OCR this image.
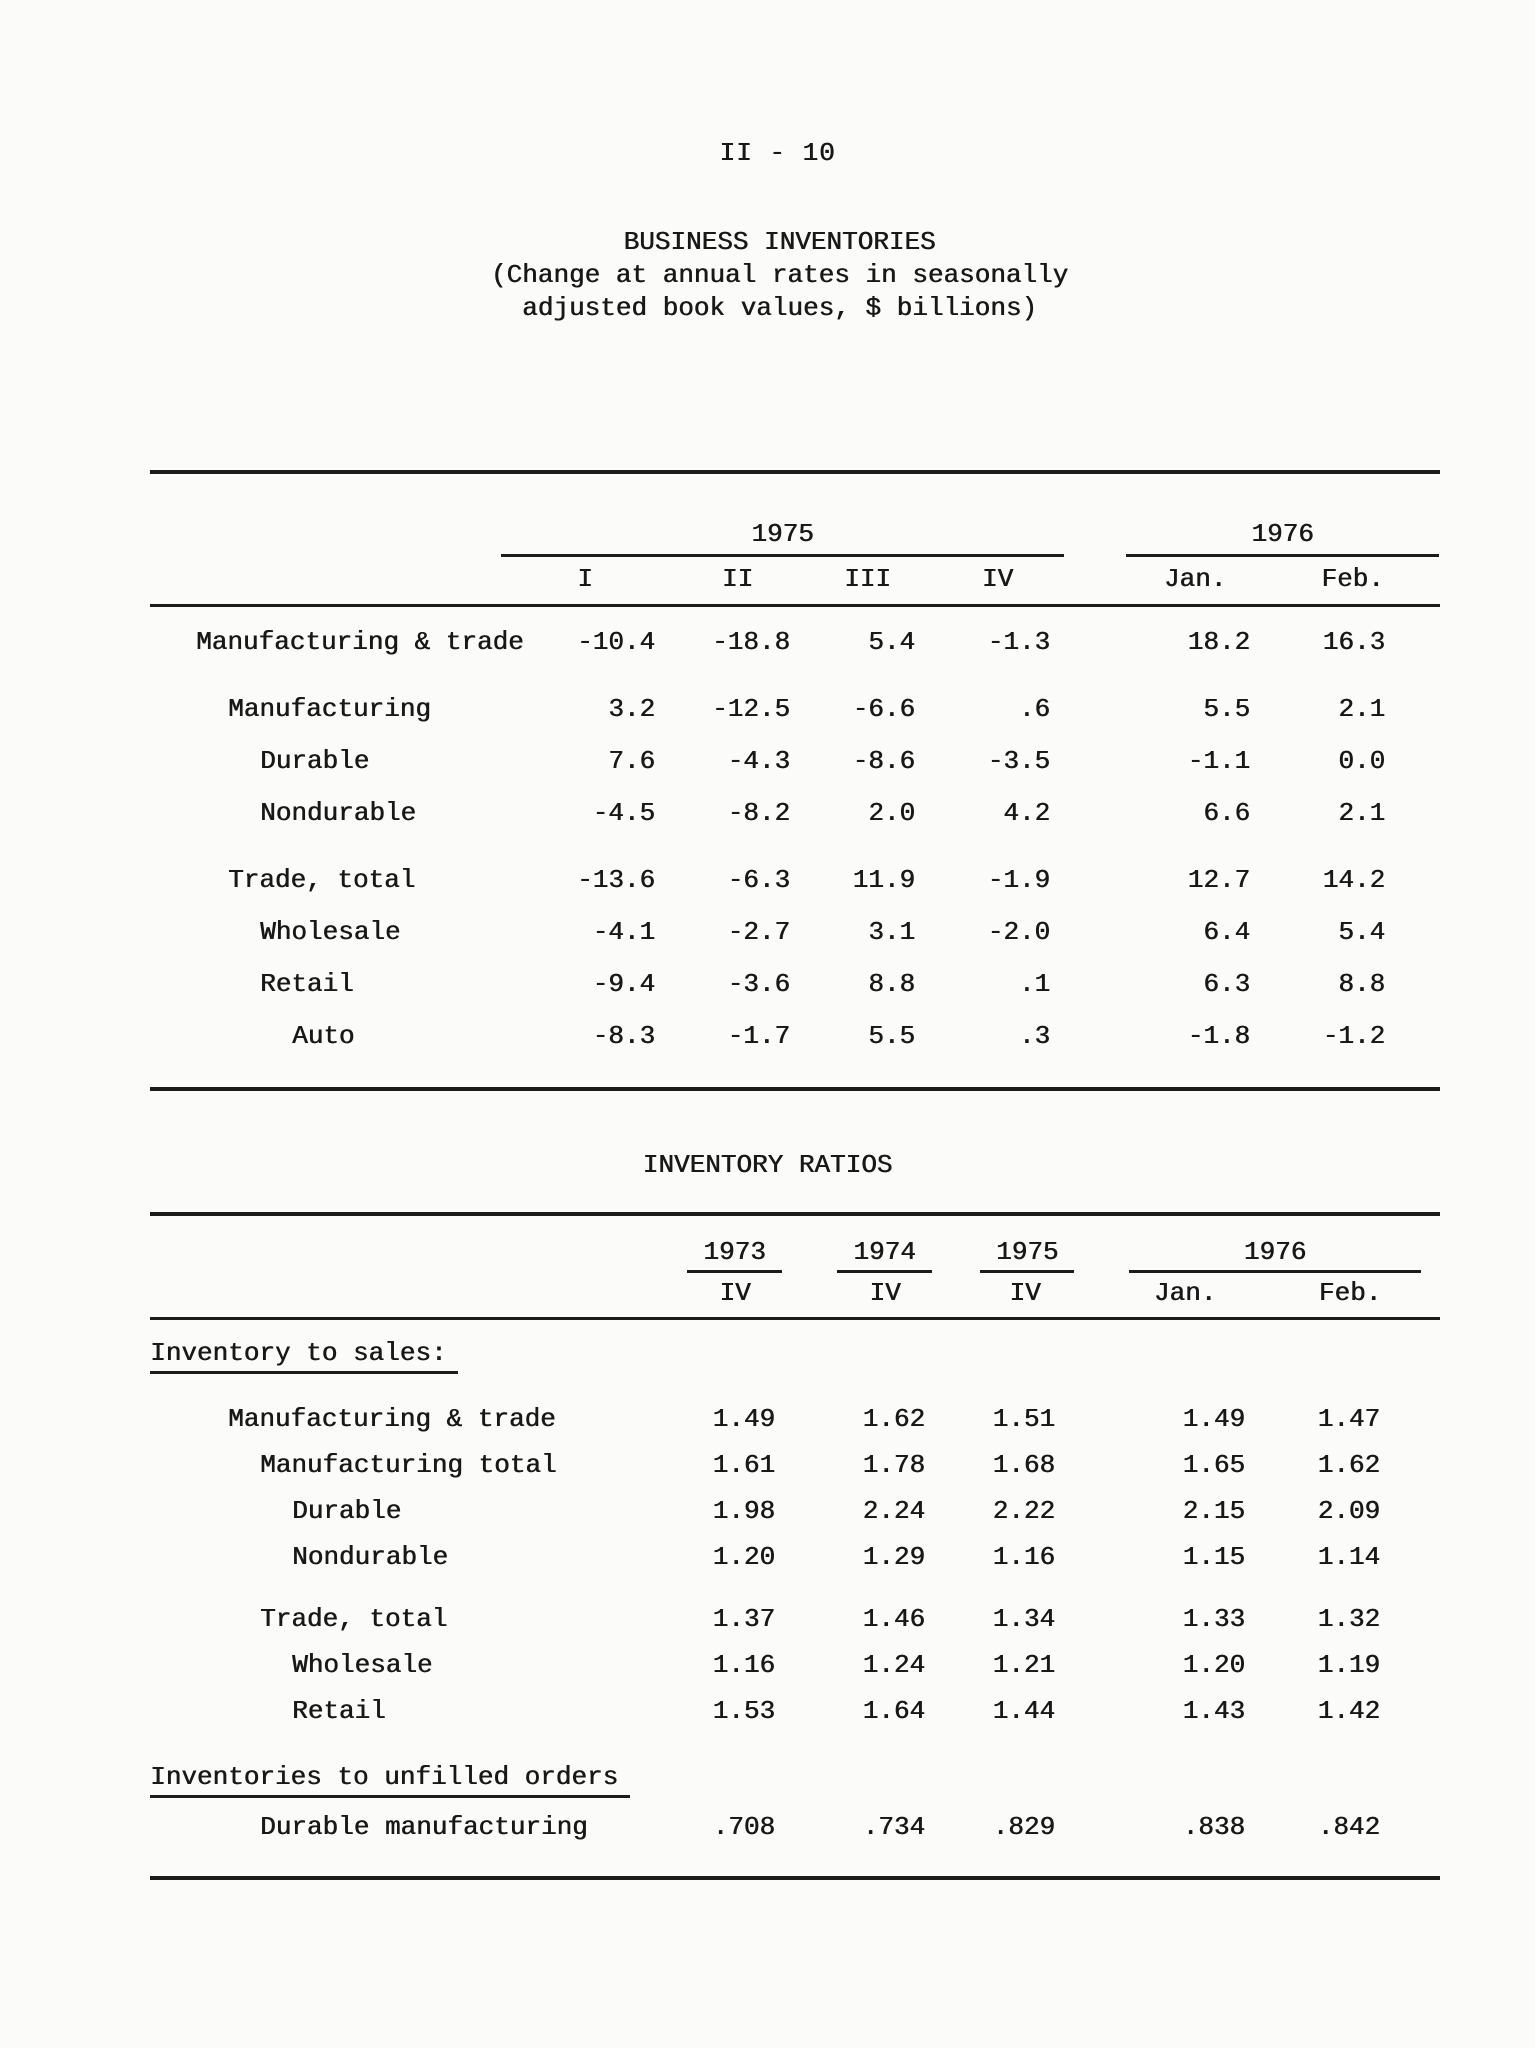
II - 10
BUSINESS INVENTORIES
(Change at annual rates in seasonally
adjusted book values, $ billions)

	1975					1976	

	I	II	III	IV		Jan.	Feb.
Manufacturing & trade	-10.4	-18.8	5.4	-1.3		18.2	16.3
Manufacturing	3.2	-12.5	-6.6	.6		5.5	2.1
Durable	7.6	-4.3	-8.6	-3.5		-1.1	0.0
Nondurable	-4.5	-8.2	2.0	4.2		6.6	2.1
Trade, total	-13.6	-6.3	11.9	-1.9		12.7	14.2
Wholesale	-4.1	-2.7	3.1	-2.0		6.4	5.4
Retail	-9.4	-3.6	8.8	.1		6.3	8.8
Auto	-8.3	-1.7	5.5	.3		-1.8	-1.2
INVENTORY RATIOS
	1973	1974	1975		1976	

	IV	IV	IV		Jan.	Feb.
Inventory to sales:						
Manufacturing & trade	1.49	1.62	1.51		1.49	1.47
Manufacturing total	1.61	1.78	1.68		1.65	1.62
Durable	1.98	2.24	2.22		2.15	2.09
Nondurable	1.20	1.29	1.16		1.15	1.14
Trade, total	1.37	1.46	1.34		1.33	1.32
Wholesale	1.16	1.24	1.21		1.20	1.19
Retail	1.53	1.64	1.44		1.43	1.42
Inventories to unfilled orders						
Durable manufacturing	.708	.734	.829		.838	.842
